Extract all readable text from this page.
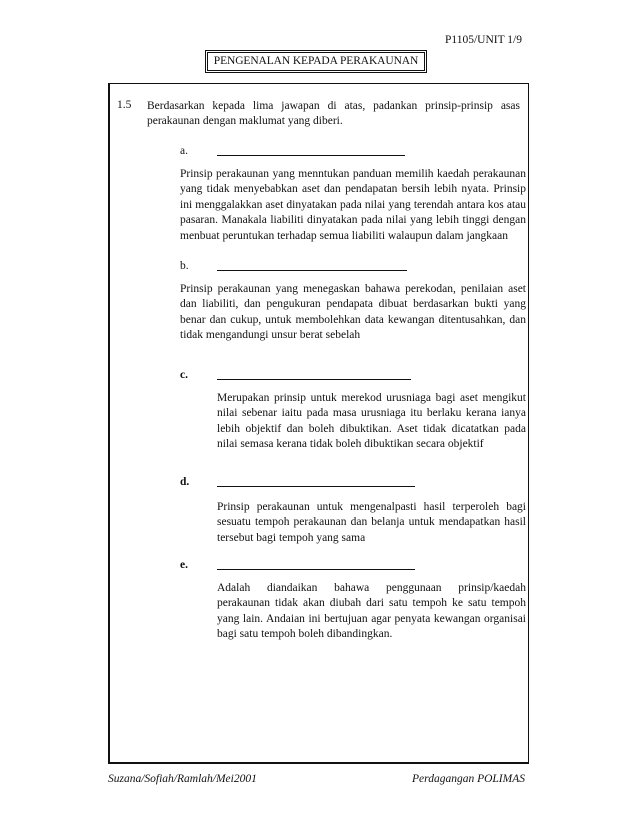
P1105/UNIT 1/9
PENGENALAN KEPADA PERAKAUNAN
1.5 Berdasarkan kepada lima jawapan di atas, padankan prinsip-prinsip asas perakaunan dengan maklumat yang diberi.
a.
Prinsip perakaunan yang menntukan panduan memilih kaedah perakaunan yang tidak menyebabkan aset dan pendapatan bersih lebih nyata. Prinsip ini menggalakkan aset dinyatakan pada nilai yang terendah antara kos atau pasaran. Manakala liabiliti dinyatakan pada nilai yang lebih tinggi dengan menbuat peruntukan terhadap semua liabiliti walaupun dalam jangkaan
b.
Prinsip perakaunan yang menegaskan bahawa perekodan, penilaian aset dan liabiliti, dan pengukuran pendapata dibuat berdasarkan bukti yang benar dan cukup, untuk membolehkan data kewangan ditentusahkan, dan tidak mengandungi unsur berat sebelah
c.
Merupakan prinsip untuk merekod urusniaga bagi aset mengikut nilai sebenar iaitu pada masa urusniaga itu berlaku kerana ianya lebih objektif dan boleh dibuktikan. Aset tidak dicatatkan pada nilai semasa kerana tidak boleh dibuktikan secara objektif
d.
Prinsip perakaunan untuk mengenalpasti hasil terperoleh bagi sesuatu tempoh perakaunan dan belanja untuk mendapatkan hasil tersebut bagi tempoh yang sama
e.
Adalah diandaikan bahawa penggunaan prinsip/kaedah perakaunan tidak akan diubah dari satu tempoh ke satu tempoh yang lain. Andaian ini bertujuan agar penyata kewangan organisai bagi satu tempoh boleh dibandingkan.
Suzana/Sofiah/Ramlah/Mei2001	Perdagangan POLIMAS
